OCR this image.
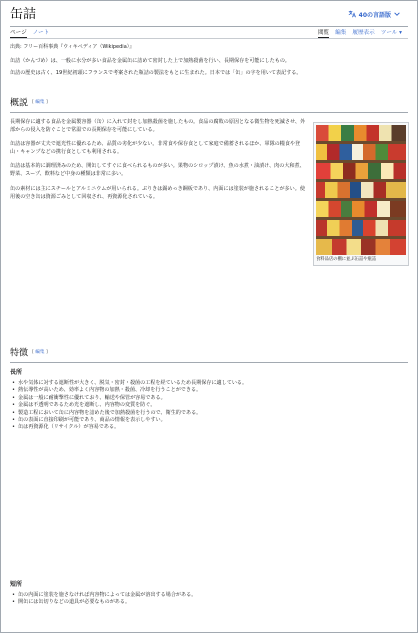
缶詰	40の言語版
ページ ノート	閲覧 編集 履歴表示 ツール ▾
出典: フリー百科事典『ウィキペディア（Wikipedia）』

缶詰（かんづめ）は、一般に水分が多い食品を金属缶に詰めて密封した上で加熱殺菌を行い、長期保存を可能にしたもの。

缶詰の歴史は古く、19世紀初頭にフランスで考案された瓶詰の製法をもとに生まれた。日本では「缶」の字を用いて表記する。

概説 [ 編集 ]

長期保存に適する食品を金属製容器（缶）に入れて封をし加熱殺菌を施したもの。食品の腐敗の原因となる微生物を死滅させ、外部からの侵入を防ぐことで常温での長期保存を可能にしている。

缶詰は容器が丈夫で遮光性に優れるため、品質の劣化が少ない。非常食や保存食として家庭で備蓄されるほか、軍隊の糧食や登山・キャンプなどの携行食としても利用される。

缶詰は基本的に調理済みのため、開缶してすぐに食べられるものが多い。果物のシロップ漬け、魚の水煮・油漬け、肉の大和煮、野菜、スープ、飲料など中身の種類は非常に多い。

缶の素材には主にスチールとアルミニウムが用いられる。ぶりきは錫めっき鋼板であり、内面には塗装が施されることが多い。使用後の空き缶は資源ごみとして回収され、再資源化されている。

食料品店の棚に並ぶ缶詰や瓶詰
特徴 [ 編集 ]
長所
• 水や気体に対する遮断性が大きく、脱気・密封・殺菌の工程を経ているため長期保存に適している。
• 熱伝導性が高いため、効率よく内容物の加熱・殺菌、冷却を行うことができる。
• 金属は一般に耐衝撃性に優れており、輸送や保管が容易である。
• 金属は不透明であるため光を遮断し、内容物の変質を防ぐ。
• 製造工程において缶に内容物を詰めた後で加熱殺菌を行うので、衛生的である。
• 缶の表面に直接印刷が可能であり、商品の情報を表示しやすい。
• 缶は再資源化（リサイクル）が容易である。
短所
• 缶の内面に塗装を施さなければ内容物によっては金属が溶出する場合がある。
• 開缶には缶切りなどの道具が必要なものがある。
